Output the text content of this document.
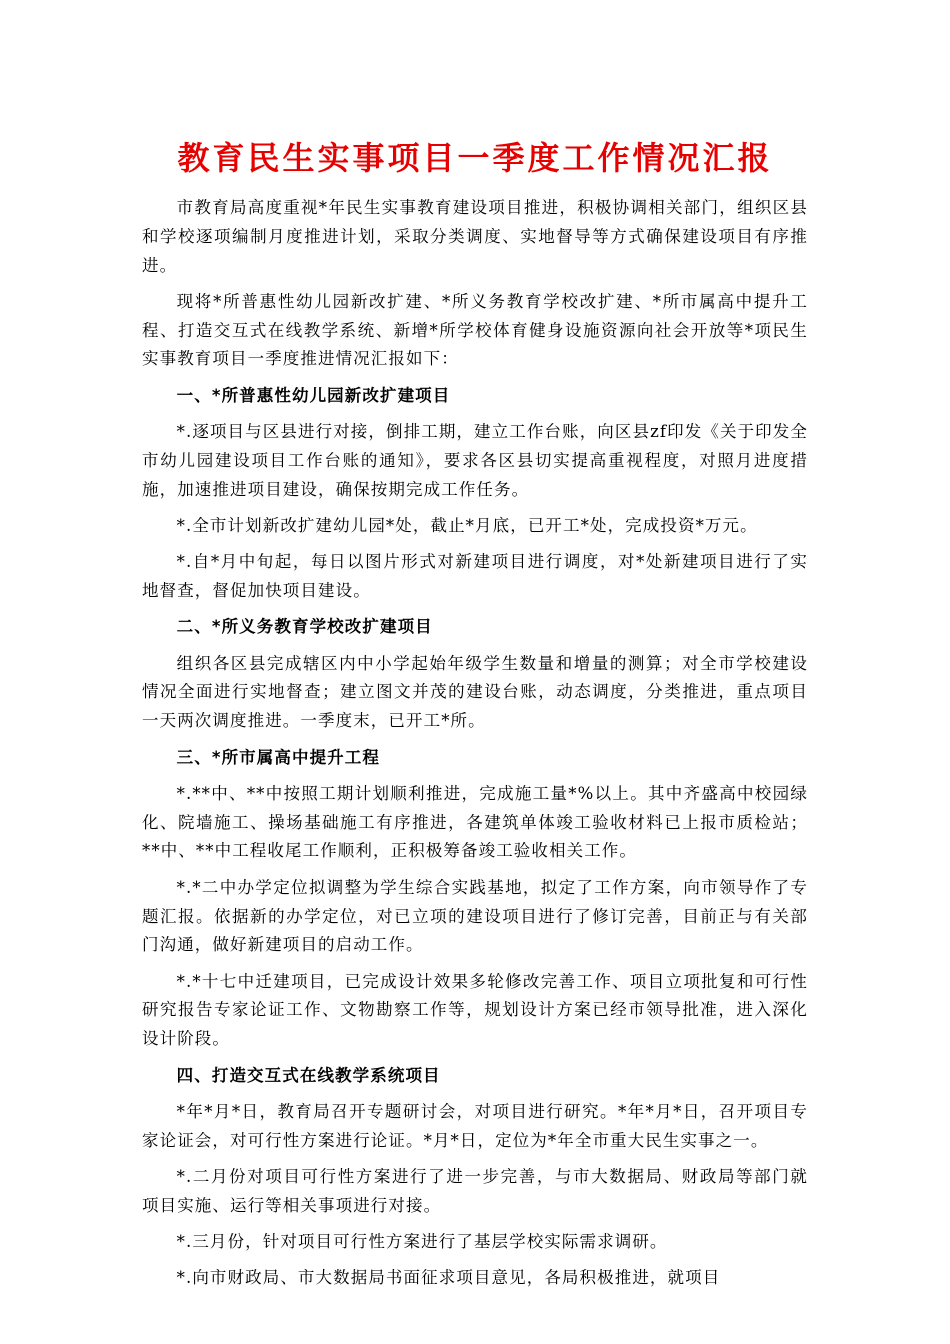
教育民生实事项目一季度工作情况汇报

市教育局高度重视*年民生实事教育建设项目推进，积极协调相关部门，组织区县和学校逐项编制月度推进计划，采取分类调度、实地督导等方式确保建设项目有序推进。

现将*所普惠性幼儿园新改扩建、*所义务教育学校改扩建、*所市属高中提升工程、打造交互式在线教学系统、新增*所学校体育健身设施资源向社会开放等*项民生实事教育项目一季度推进情况汇报如下：

一、*所普惠性幼儿园新改扩建项目

*.逐项目与区县进行对接，倒排工期，建立工作台账，向区县zf印发《关于印发全市幼儿园建设项目工作台账的通知》，要求各区县切实提高重视程度，对照月进度措施，加速推进项目建设，确保按期完成工作任务。

*.全市计划新改扩建幼儿园*处，截止*月底，已开工*处，完成投资*万元。

*.自*月中旬起，每日以图片形式对新建项目进行调度，对*处新建项目进行了实地督查，督促加快项目建设。

二、*所义务教育学校改扩建项目

组织各区县完成辖区内中小学起始年级学生数量和增量的测算；对全市学校建设情况全面进行实地督查；建立图文并茂的建设台账，动态调度，分类推进，重点项目一天两次调度推进。一季度末，已开工*所。

三、*所市属高中提升工程

*.**中、**中按照工期计划顺利推进，完成施工量*%以上。其中齐盛高中校园绿化、院墙施工、操场基础施工有序推进，各建筑单体竣工验收材料已上报市质检站；**中、**中工程收尾工作顺利，正积极筹备竣工验收相关工作。

*.*二中办学定位拟调整为学生综合实践基地，拟定了工作方案，向市领导作了专题汇报。依据新的办学定位，对已立项的建设项目进行了修订完善，目前正与有关部门沟通，做好新建项目的启动工作。

*.*十七中迁建项目，已完成设计效果多轮修改完善工作、项目立项批复和可行性研究报告专家论证工作、文物勘察工作等，规划设计方案已经市领导批准，进入深化设计阶段。

四、打造交互式在线教学系统项目

*年*月*日，教育局召开专题研讨会，对项目进行研究。*年*月*日，召开项目专家论证会，对可行性方案进行论证。*月*日，定位为*年全市重大民生实事之一。

*.二月份对项目可行性方案进行了进一步完善，与市大数据局、财政局等部门就项目实施、运行等相关事项进行对接。

*.三月份，针对项目可行性方案进行了基层学校实际需求调研。

*.向市财政局、市大数据局书面征求项目意见，各局积极推进，就项目
